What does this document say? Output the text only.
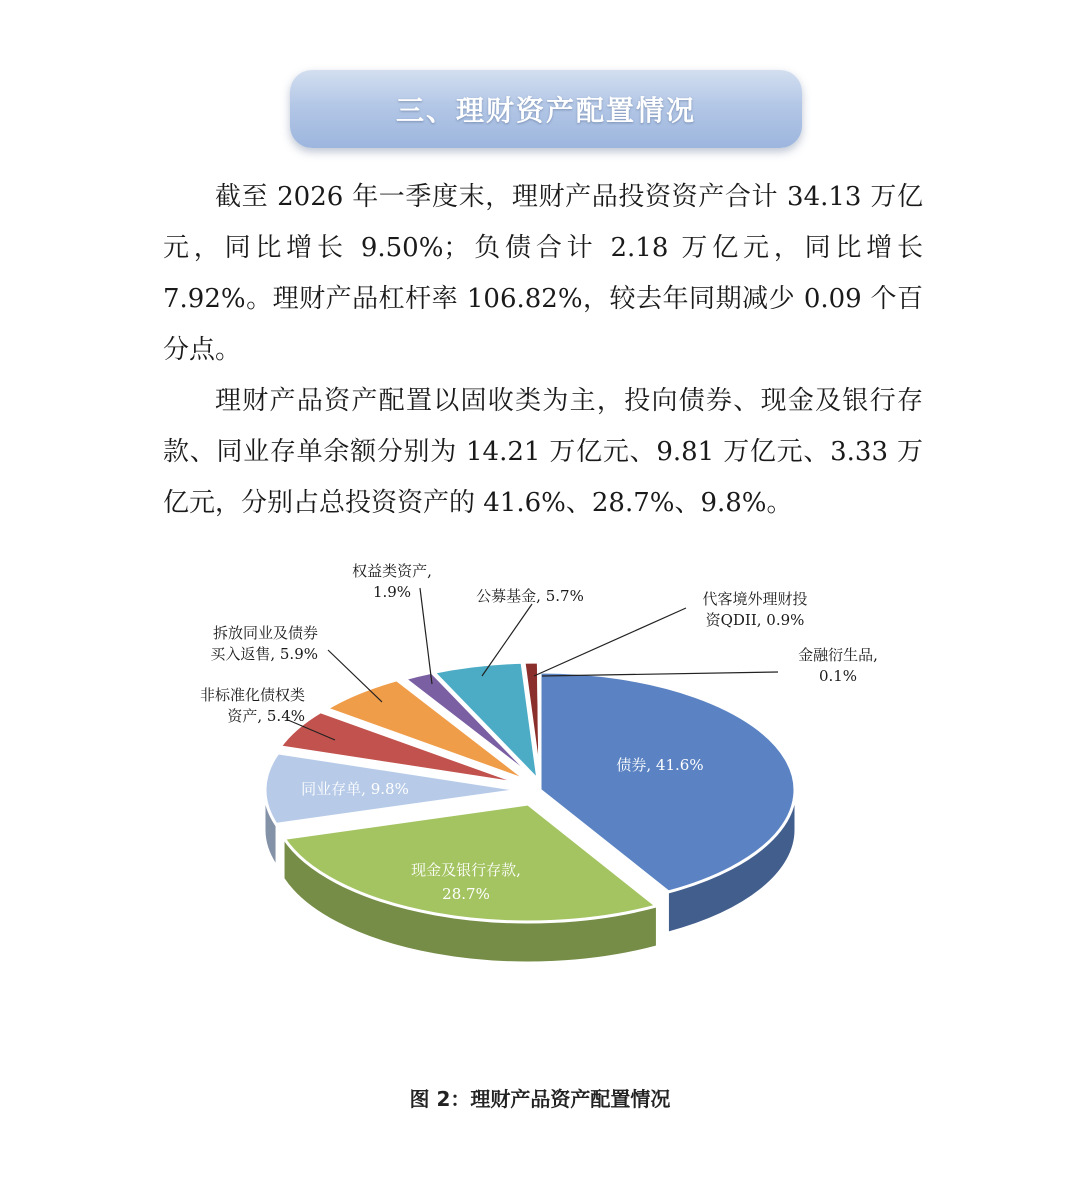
三、理财资产配置情况

截至 2026 年一季度末，理财产品投资资产合计 34.13 万亿元，同比增长 9.50%；负债合计 2.18 万亿元，同比增长 7.92%。理财产品杠杆率 106.82%，较去年同期减少 0.09 个百分点。

理财产品资产配置以固收类为主，投向债券、现金及银行存款、同业存单余额分别为 14.21 万亿元、9.81 万亿元、3.33 万亿元，分别占总投资资产的 41.6%、28.7%、9.8%。

债券, 41.6%
现金及银行存款,
28.7%
同业存单, 9.8%
非标准化债权类
资产, 5.4%
拆放同业及债券
买入返售, 5.9%
权益类资产,
1.9%	公募基金, 5.7%	代客境外理财投
资QDII, 0.9%
金融衍生品,
0.1%
图 2：理财产品资产配置情况
